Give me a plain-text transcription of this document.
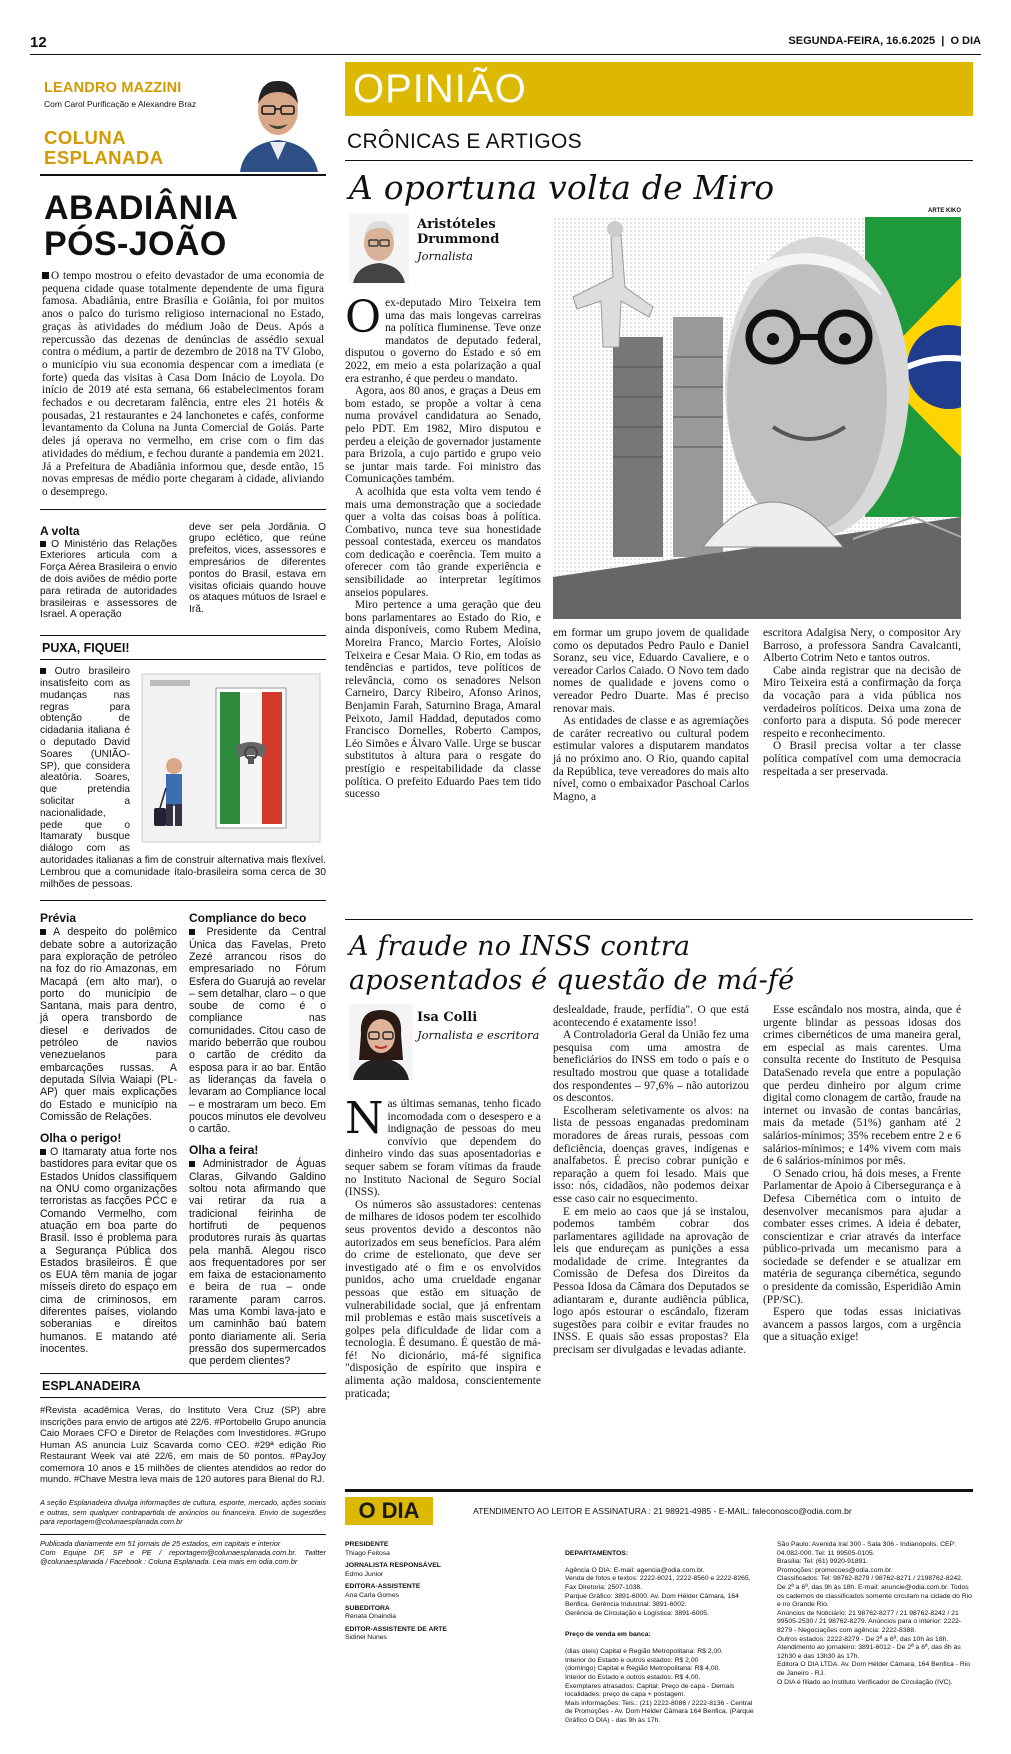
12	SEGUNDA-FEIRA, 16.6.2025  |  O DIA
LEANDRO MAZZINI
Com Carol Purificação e Alexandre Braz
COLUNA
ESPLANADA
ABADIÂNIA
PÓS-JOÃO
O tempo mostrou o efeito devastador de uma economia de pequena cidade quase totalmente dependente de uma figura famosa. Abadiânia, entre Brasília e Goiânia, foi por muitos anos o palco do turismo religioso internacional no Estado, graças às atividades do médium João de Deus. Após a repercussão das dezenas de denúncias de assédio sexual contra o médium, a partir de dezembro de 2018 na TV Globo, o município viu sua economia despencar com a imediata (e forte) queda das visitas à Casa Dom Inácio de Loyola. Do início de 2019 até esta semana, 66 estabelecimentos foram fechados e ou decretaram falência, entre eles 21 hotéis & pousadas, 21 restaurantes e 24 lanchonetes e cafés, conforme levantamento da Coluna na Junta Comercial de Goiás. Parte deles já operava no vermelho, em crise com o fim das atividades do médium, e fechou durante a pandemia em 2021. Já a Prefeitura de Abadiânia informou que, desde então, 15 novas empresas de médio porte chegaram à cidade, aliviando o desemprego.
A volta
O Ministério das Relações Exteriores articula com a Força Aérea Brasileira o envio de dois aviões de médio porte para retirada de autoridades brasileiras e assessores de Israel. A operação
deve ser pela Jordânia. O grupo eclético, que reúne prefeitos, vices, assessores e empresários de diferentes pontos do Brasil, estava em visitas oficiais quando houve os ataques mútuos de Israel e Irã.
PUXA, FIQUEI!
Outro brasileiro insatisfeito com as mudanças nas regras para obtenção de cidadania italiana é o deputado David Soares (UNIÃO-SP), que considera aleatória. Soares, que pretendia solicitar a nacionalidade, pede que o Itamaraty busque diálogo com as autoridades italianas a fim de construir alternativa mais flexível. Lembrou que a comunidade ítalo-brasileira soma cerca de 30 milhões de pessoas.
Prévia
A despeito do polêmico debate sobre a autorização para exploração de petróleo na foz do rio Amazonas, em Macapá (em alto mar), o porto do município de Santana, mais para dentro, já opera transbordo de diesel e derivados de petróleo de navios venezuelanos para embarcações russas. A deputada Sílvia Waiapi (PL-AP) quer mais explicações do Estado e município na Comissão de Relações.
Olha o perigo!
O Itamaraty atua forte nos bastidores para evitar que os Estados Unidos classifiquem na ONU como organizações terroristas as facções PCC e Comando Vermelho, com atuação em boa parte do Brasil. Isso é problema para a Segurança Pública dos Estados brasileiros. É que os EUA têm mania de jogar mísseis direto do espaço em cima de criminosos, em diferentes países, violando soberanias e direitos humanos. E matando até inocentes.
Compliance do beco
Presidente da Central Única das Favelas, Preto Zezé arrancou risos do empresariado no Fórum Esfera do Guarujá ao revelar – sem detalhar, claro – o que soube de como é o compliance nas comunidades. Citou caso de marido beberrão que roubou o cartão de crédito da esposa para ir ao bar. Então as lideranças da favela o levaram ao Compliance local – e mostraram um beco. Em poucos minutos ele devolveu o cartão.
Olha a feira!
Administrador de Águas Claras, Gilvando Galdino soltou nota afirmando que vai retirar da rua a tradicional feirinha de hortifruti de pequenos produtores rurais às quartas pela manhã. Alegou risco aos frequentadores por ser em faixa de estacionamento e beira de rua – onde raramente param carros. Mas uma Kombi lava-jato e um caminhão baú batem ponto diariamente ali. Seria pressão dos supermercados que perdem clientes?
ESPLANADEIRA
#Revista acadêmica Veras, do Instituto Vera Cruz (SP) abre inscrições para envio de artigos até 22/6. #Portobello Grupo anuncia Caio Moraes CFO e Diretor de Relações com Investidores. #Grupo Human AS anuncia Luiz Scavarda como CEO. #29ª edição Rio Restaurant Week vai até 22/6, em mais de 50 pontos. #PayJoy comemora 10 anos e 15 milhões de clientes atendidos ao redor do mundo. #Chave Mestra leva mais de 120 autores para Bienal do RJ.
A seção Esplanadeira divulga informações de cultura, esporte, mercado, ações sociais e outras, sem qualquer contrapartida de anúncios ou financeira. Envio de sugestões para reportagem@colunaesplanada.com.br
Publicada diariamente em 51 jornais de 25 estados, em capitais e interior
Com Equipe DF, SP e PE / reportagem@colunaesplanada.com.br. Twitter @colunaesplanada / Facebook : Coluna Esplanada. Leia mais em odia.com.br
OPINIÃO
CRÔNICAS E ARTIGOS
A oportuna volta de Miro
Aristóteles
Drummond
Jornalista
Oex-deputado Miro Teixeira tem uma das mais longevas carreiras na política fluminense. Teve onze mandatos de deputado federal, disputou o governo do Estado e só em 2022, em meio a esta polarização a qual era estranho, é que perdeu o mandato.
Agora, aos 80 anos, e graças a Deus em bom estado, se propõe a voltar à cena numa provável candidatura ao Senado, pelo PDT. Em 1982, Miro disputou e perdeu a eleição de governador justamente para Brizola, a cujo partido e grupo veio se juntar mais tarde. Foi ministro das Comunicações também.
A acolhida que esta volta vem tendo é mais uma demonstração que a sociedade quer a volta das coisas boas à política. Combativo, nunca teve sua honestidade pessoal contestada, exerceu os mandatos com dedicação e coerência. Tem muito a oferecer com tão grande experiência e sensibilidade ao interpretar legítimos anseios populares.
Miro pertence a uma geração que deu bons parlamentares ao Estado do Rio, e ainda disponíveis, como Rubem Medina, Moreira Franco, Marcio Fortes, Aloísio Teixeira e Cesar Maia. O Rio, em todas as tendências e partidos, teve políticos de relevância, como os senadores Nelson Carneiro, Darcy Ribeiro, Afonso Arinos, Benjamin Farah, Saturnino Braga, Amaral Peixoto, Jamil Haddad, deputados como Francisco Dornelles, Roberto Campos, Léo Simões e Álvaro Valle. Urge se buscar substitutos à altura para o resgate do prestígio e respeitabilidade da classe política. O prefeito Eduardo Paes tem tido sucesso
ARTE KIKO
em formar um grupo jovem de qualidade como os deputados Pedro Paulo e Daniel Soranz, seu vice, Eduardo Cavaliere, e o vereador Carlos Caiado. O Novo tem dado nomes de qualidade e jovens como o vereador Pedro Duarte. Mas é preciso renovar mais.
As entidades de classe e as agremiações de caráter recreativo ou cultural podem estimular valores a disputarem mandatos já no próximo ano. O Rio, quando capital da República, teve vereadores do mais alto nível, como o embaixador Paschoal Carlos Magno, a
escritora Adalgisa Nery, o compositor Ary Barroso, a professora Sandra Cavalcanti, Alberto Cotrim Neto e tantos outros.
Cabe ainda registrar que na decisão de Miro Teixeira está a confirmação da força da vocação para a vida pública nos verdadeiros políticos. Deixa uma zona de conforto para a disputa. Só pode merecer respeito e reconhecimento.
O Brasil precisa voltar a ter classe política compatível com uma democracia respeitada a ser preservada.
A fraude no INSS contra
aposentados é questão de má-fé
Isa Colli
Jornalista e escritora
Nas últimas semanas, tenho ficado incomodada com o desespero e a indignação de pessoas do meu convívio que dependem do dinheiro vindo das suas aposentadorias e sequer sabem se foram vítimas da fraude no Instituto Nacional de Seguro Social (INSS).
Os números são assustadores: centenas de milhares de idosos podem ter escolhido seus proventos devido a descontos não autorizados em seus benefícios. Para além do crime de estelionato, que deve ser investigado até o fim e os envolvidos punidos, acho uma crueldade enganar pessoas que estão em situação de vulnerabilidade social, que já enfrentam mil problemas e estão mais suscetíveis a golpes pela dificuldade de lidar com a tecnologia. É desumano. É questão de má-fé! No dicionário, má-fé significa "disposição de espírito que inspira e alimenta ação maldosa, conscientemente praticada;
deslealdade, fraude, perfídia". O que está acontecendo é exatamente isso!
A Controladoria Geral da União fez uma pesquisa com uma amostra de beneficiários do INSS em todo o país e o resultado mostrou que quase a totalidade dos respondentes – 97,6% – não autorizou os descontos.
Escolheram seletivamente os alvos: na lista de pessoas enganadas predominam moradores de áreas rurais, pessoas com deficiência, doenças graves, indígenas e analfabetos. É preciso cobrar punição e reparação a quem foi lesado. Mais que isso: nós, cidadãos, não podemos deixar esse caso cair no esquecimento.
E em meio ao caos que já se instalou, podemos também cobrar dos parlamentares agilidade na aprovação de leis que endureçam as punições a essa modalidade de crime. Integrantes da Comissão de Defesa dos Direitos da Pessoa Idosa da Câmara dos Deputados se adiantaram e, durante audiência pública, logo após estourar o escândalo, fizeram sugestões para coibir e evitar fraudes no INSS. E quais são essas propostas? Ela precisam ser divulgadas e levadas adiante.
Esse escândalo nos mostra, ainda, que é urgente blindar as pessoas idosas dos crimes cibernéticos de uma maneira geral, em especial as mais carentes. Uma consulta recente do Instituto de Pesquisa DataSenado revela que entre a população que perdeu dinheiro por algum crime digital como clonagem de cartão, fraude na internet ou invasão de contas bancárias, mais da metade (51%) ganham até 2 salários-mínimos; 35% recebem entre 2 e 6 salários-mínimos; e 14% vivem com mais de 6 salários-mínimos por mês.
O Senado criou, há dois meses, a Frente Parlamentar de Apoio à Cibersegurança e à Defesa Cibernética com o intuito de desenvolver mecanismos para ajudar a combater esses crimes. A ideia é debater, conscientizar e criar através da interface público-privada um mecanismo para a sociedade se defender e se atualizar em matéria de segurança cibernética, segundo o presidente da comissão, Esperidião Amin (PP/SC).
Espero que todas essas iniciativas avancem a passos largos, com a urgência que a situação exige!
O DIA	ATENDIMENTO AO LEITOR E ASSINATURA : 21 98921-4985 - E-MAIL: faleconosco@odia.com.br
PRESIDENTE
Thiago Feitosa
JORNALISTA RESPONSÁVEL
Edmo Junior
EDITORA-ASSISTENTE
Ana Carla Gomes
SUBEDITORA
Renata Onaindia
EDITOR-ASSISTENTE DE ARTE
Sidinei Nunes

DEPARTAMENTOS:

Agência O DIA: E-mail: agencia@odia.com.br.
Venda de fotos e textos: 2222-8021, 2222-8560 e 2222-8265.
Fax Diretoria: 2507-1038.
Parque Gráfico: 3891-6000. Av. Dom Hélder Câmara, 164 Benfica. Gerência Industrial: 3891-6002.
Gerência de Circulação e Logística: 3891-6005.

Preço de venda em banca:

(dias úteis) Capital e Região Metropolitana: R$ 2,00.
Interior do Estado e outros estados: R$ 2,00
(domingo) Capital e Região Metropolitana: R$ 4,00.
Interior do Estado e outros estados: R$ 4,00.
Exemplares atrasados: Capital: Preço de capa - Demais localidades: preço de capa + postagem.
Mais informações: Tels.: (21) 2222-8086 / 2222-8136 - Central de Promoções - Av. Dom Hélder Câmara 164 Benfica, (Parque Gráfico O DIA) - das 9h às 17h.

São Paulo: Avenida Iraí 300 - Sala 306 - Indianópolis. CEP: 04.082-000. Tel: 11 99505-0105.
Brasília: Tel: (61) 9920-91891.
Promoções: promocoes@odia.com.br.
Classificados: Tel: 98762-8279 / 98762-8271 / 2198762-8242. De 2ª a 6ª, das 9h às 18h. E-mail: anuncie@odia.com.br. Todos os cadernos de classificados somente circulam na cidade do Rio e no Grande Rio.
Anúncios de Noticiário: 21 98762-8277 / 21 98762-8242 / 21 99505-2530 / 21 98762-8279. Anúncios para o interior: 2222-8279 - Negociações com agência: 2222-8388.
Outros estados: 2222-8279 - De 2ª a 6ª, das 10h às 18h.
Atendimento ao jornaleiro: 3891-6012 - De 2ª a 6ª, das 8h às 12h30 e das 13h30 às 17h.
Editora O DIA LTDA. Av. Dom Hélder Câmara, 164 Benfica - Rio de Janeiro - RJ.
O DIA é filiado ao Instituto Verificador de Circulação (IVC).
